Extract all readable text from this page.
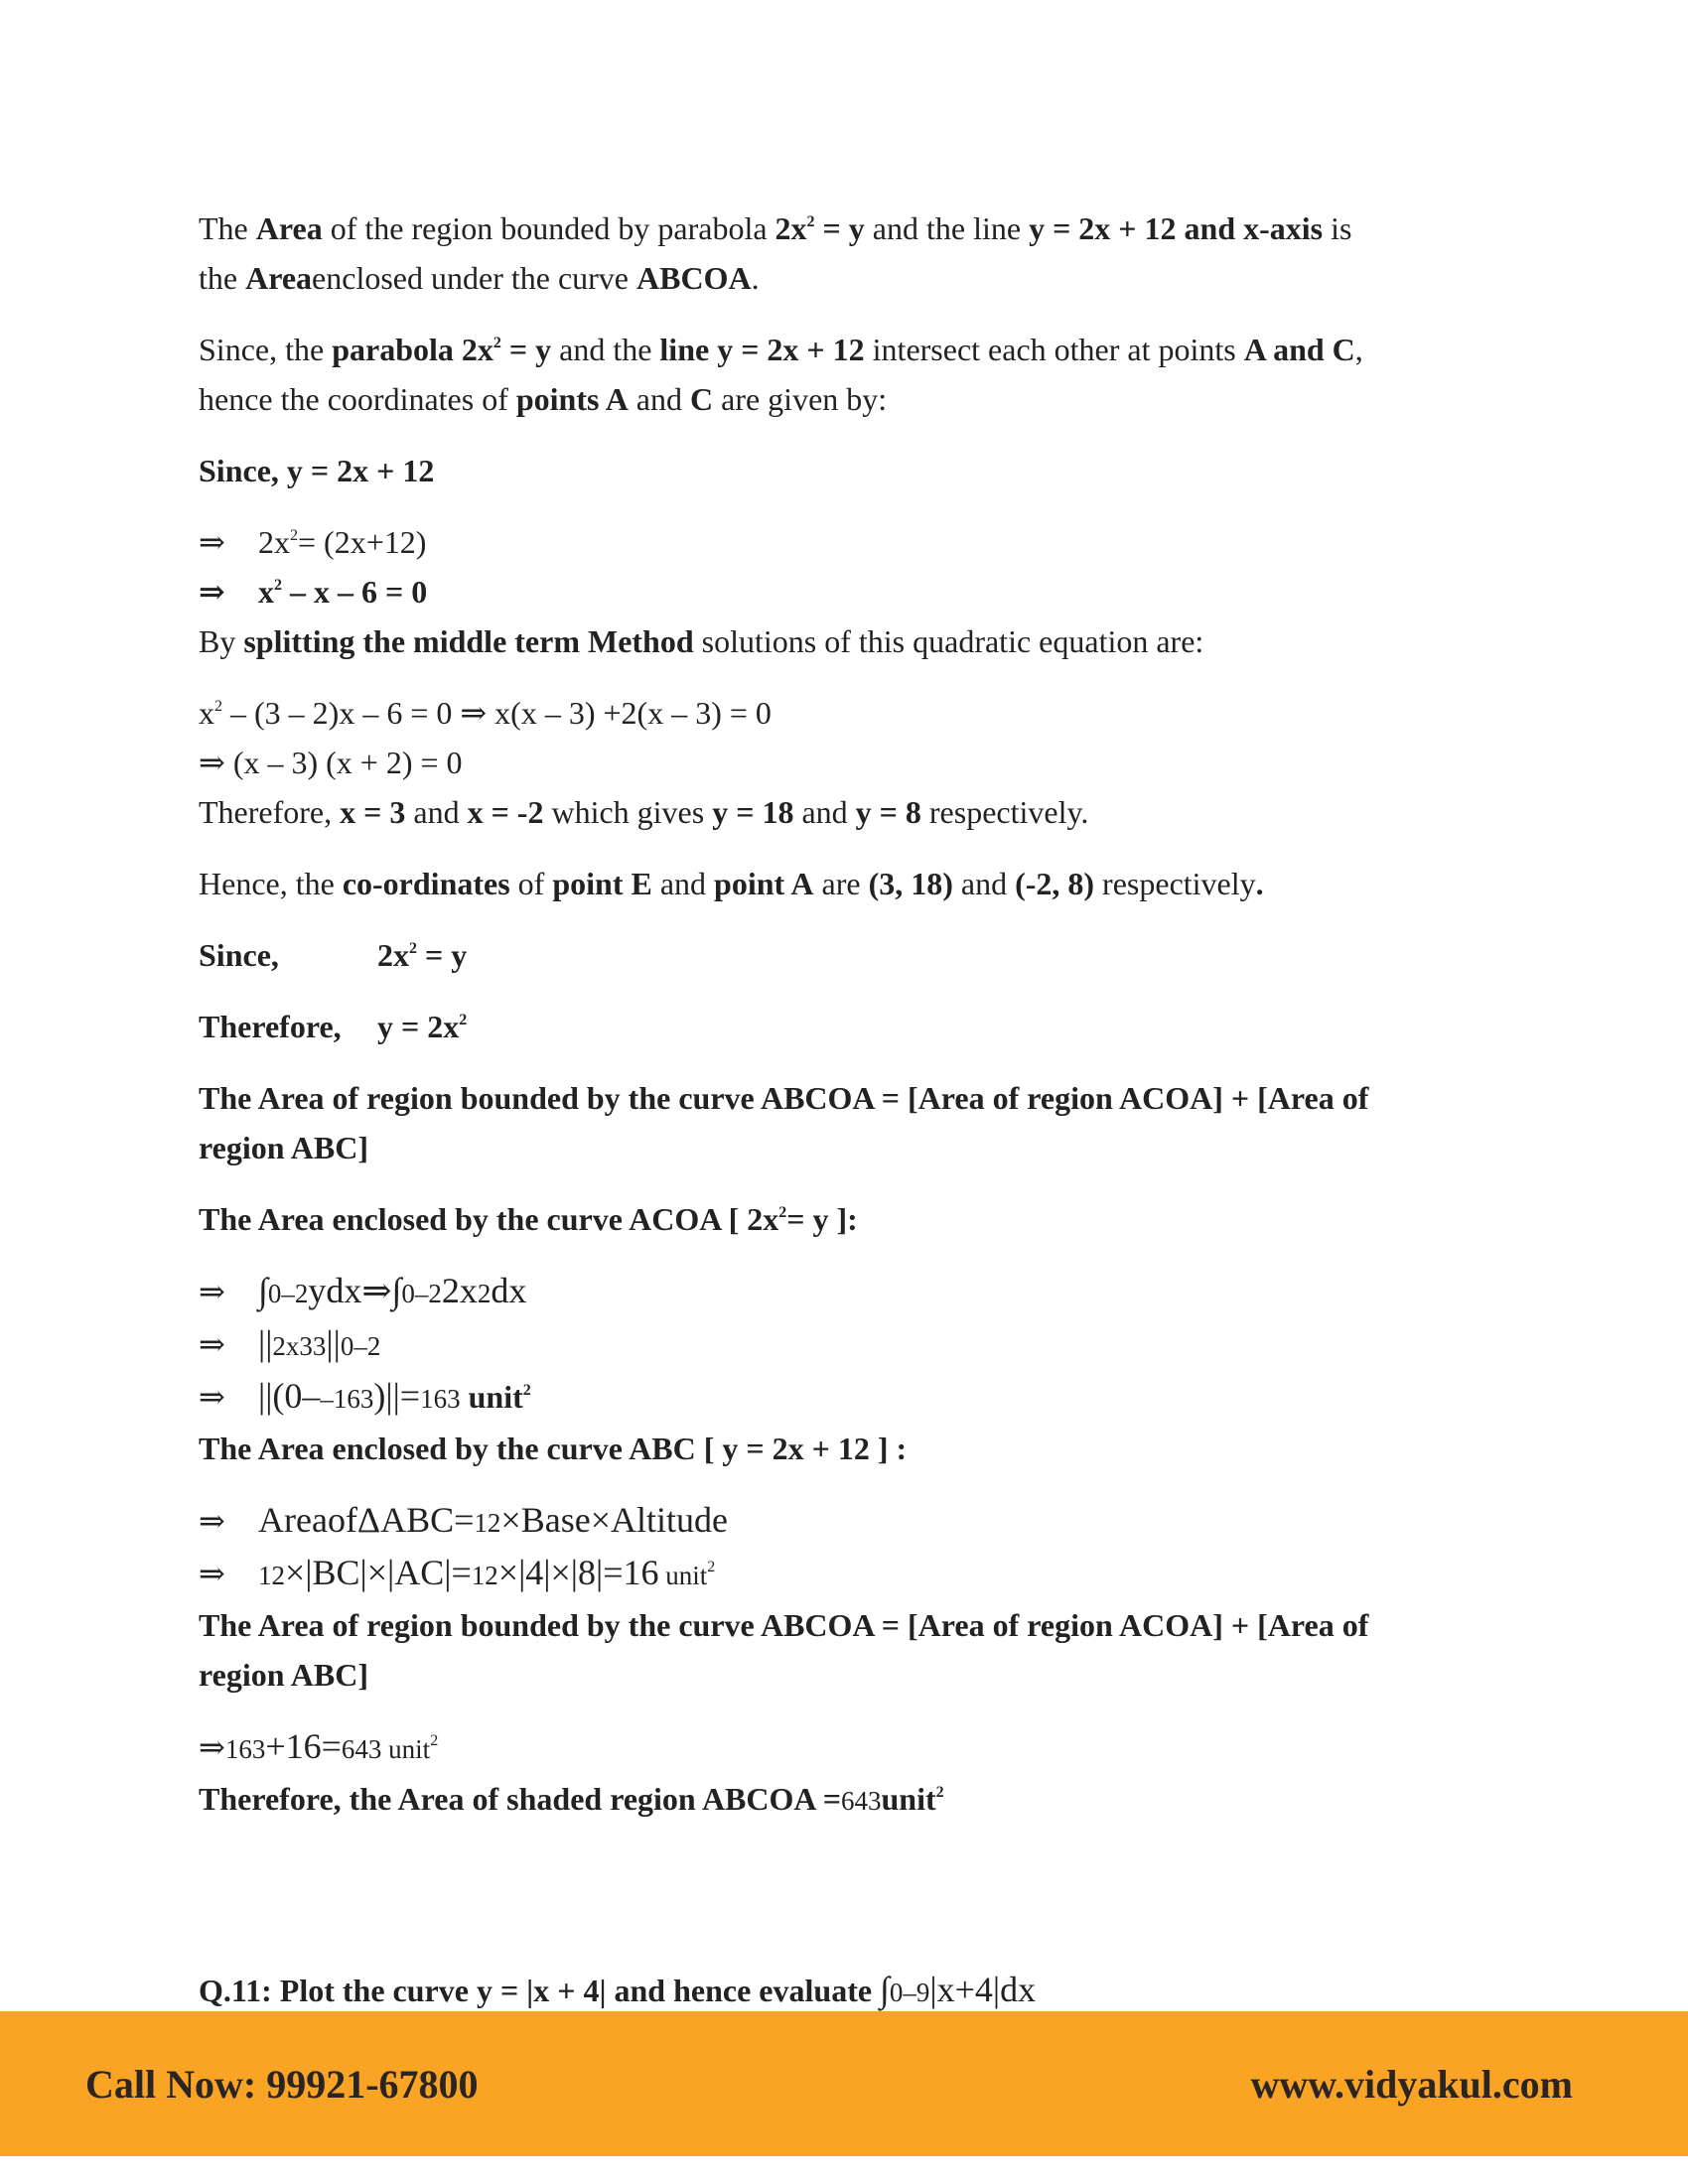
The Area of the region bounded by parabola $2x^2 = y$ and the line y = 2x + 12 and x-axis is
the Areaenclosed under the curve ABCOA.

Since, the parabola $2x^2 = y$ and the line y = 2x + 12 intersect each other at points A and C,
hence the coordinates of points A and C are given by:

Since, y = 2x + 12

⇒ $2x^2= (2x+12)$

⇒ $x^2 - x - 6 = 0$

By splitting the middle term Method solutions of this quadratic equation are:

$x^2 - (3 - 2)x - 6 = 0$ ⇒ x(x – 3) +2(x – 3) = 0

⇒ (x – 3) (x + 2) = 0

Therefore, x = 3 and x = -2 which gives y = 18 and y = 8 respectively.

Hence, the co-ordinates of point E and point A are (3, 18) and (-2, 8) respectively.

Since,	$2x^2 = y$

Therefore, $y = 2x^2$

The Area of region bounded by the curve ABCOA = [Area of region ACOA] + [Area of
region ABC]

The Area enclosed by the curve ACOA [ $2x^2= y$ ]:

⇒ ∫0–2ydx⇒∫0–22x2dx

⇒ ||2x33||0–2

⇒ ||(0––163)||=163 unit$^2$

The Area enclosed by the curve ABC [ y = 2x + 12 ] :

⇒ AreaofΔABC=12×Base×Altitude

⇒ 12×|BC|×|AC|=12×|4|×|8|=16 unit$^2$

The Area of region bounded by the curve ABCOA = [Area of region ACOA] + [Area of
region ABC]

⇒163+16=643 unit$^2$

Therefore, the Area of shaded region ABCOA =643unit$^2$

Q.11: Plot the curve y = |x + 4| and hence evaluate ∫0–9|x+4|dx

Call Now: 99921-67800	www.vidyakul.com
